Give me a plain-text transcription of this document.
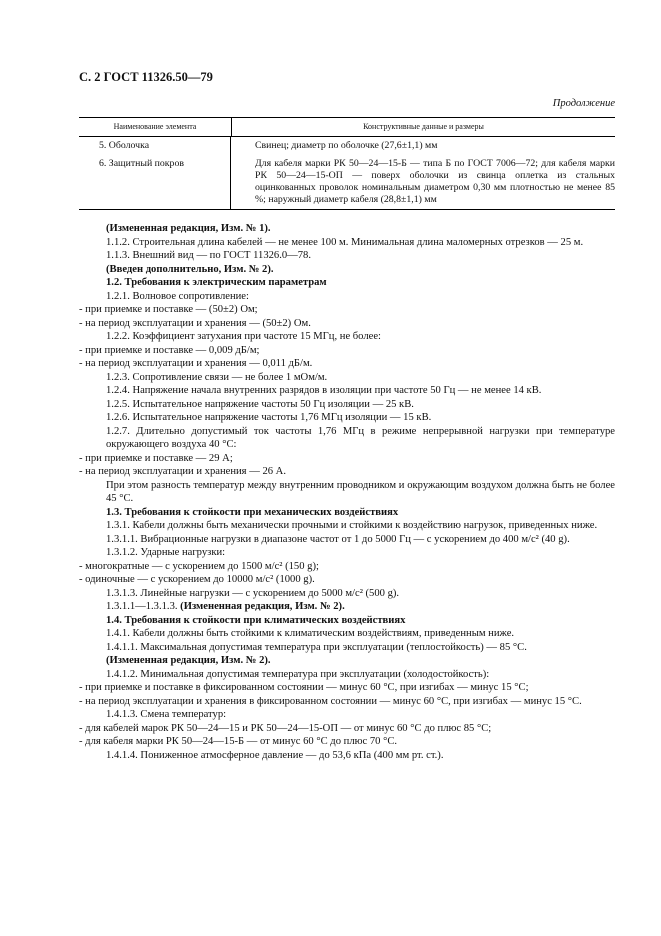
С. 2 ГОСТ 11326.50—79
Продолжение
Наименование элемента	Конструктивные данные и размеры
5. Оболочка	Свинец; диаметр по оболочке (27,6±1,1) мм
6. Защитный покров	Для кабеля марки РК 50—24—15-Б — типа Б по ГОСТ 7006—72; для кабеля марки РК 50—24—15-ОП — поверх оболочки из свинца оплетка из стальных оцинкованных проволок номинальным диаметром 0,30 мм плотностью не менее 85 %; наружный диаметр кабеля (28,8±1,1) мм

(Измененная редакция, Изм. № 1).

1.1.2. Строительная длина кабелей — не менее 100 м. Минимальная длина маломерных отрезков — 25 м.

1.1.3. Внешний вид — по ГОСТ 11326.0—78.

(Введен дополнительно, Изм. № 2).

1.2. Требования к электрическим параметрам

1.2.1. Волновое сопротивление:

- при приемке и поставке — (50±2) Ом;

- на период эксплуатации и хранения — (50±2) Ом.

1.2.2. Коэффициент затухания при частоте 15 МГц, не более:

- при приемке и поставке — 0,009 дБ/м;

- на период эксплуатации и хранения — 0,011 дБ/м.

1.2.3. Сопротивление связи — не более 1 мОм/м.

1.2.4. Напряжение начала внутренних разрядов в изоляции при частоте 50 Гц — не менее 14 кВ.

1.2.5. Испытательное напряжение частоты 50 Гц изоляции — 25 кВ.

1.2.6. Испытательное напряжение частоты 1,76 МГц изоляции — 15 кВ.

1.2.7. Длительно допустимый ток частоты 1,76 МГц в режиме непрерывной нагрузки при температуре окружающего воздуха 40 °С:

- при приемке и поставке — 29 А;

- на период эксплуатации и хранения — 26 А.

При этом разность температур между внутренним проводником и окружающим воздухом должна быть не более 45 °С.

1.3. Требования к стойкости при механических воздействиях

1.3.1. Кабели должны быть механически прочными и стойкими к воздействию нагрузок, приведенных ниже.

1.3.1.1. Вибрационные нагрузки в диапазоне частот от 1 до 5000 Гц — с ускорением до 400 м/с² (40 g).

1.3.1.2. Ударные нагрузки:

- многократные — с ускорением до 1500 м/с² (150 g);

- одиночные — с ускорением до 10000 м/с² (1000 g).

1.3.1.3. Линейные нагрузки — с ускорением до 5000 м/с² (500 g).

1.3.1.1—1.3.1.3. (Измененная редакция, Изм. № 2).

1.4. Требования к стойкости при климатических воздействиях

1.4.1. Кабели должны быть стойкими к климатическим воздействиям, приведенным ниже.

1.4.1.1. Максимальная допустимая температура при эксплуатации (теплостойкость) — 85 °С.

(Измененная редакция, Изм. № 2).

1.4.1.2. Минимальная допустимая температура при эксплуатации (холодостойкость):

- при приемке и поставке в фиксированном состоянии — минус 60 °С, при изгибах — минус 15 °С;

- на период эксплуатации и хранения в фиксированном состоянии — минус 60 °С, при изгибах — минус 15 °С.

1.4.1.3. Смена температур:

- для кабелей марок РК 50—24—15 и РК 50—24—15-ОП — от минус 60 °С до плюс 85 °С;

- для кабеля марки РК 50—24—15-Б — от минус 60 °С до плюс 70 °С.

1.4.1.4. Пониженное атмосферное давление — до 53,6 кПа (400 мм рт. ст.).
